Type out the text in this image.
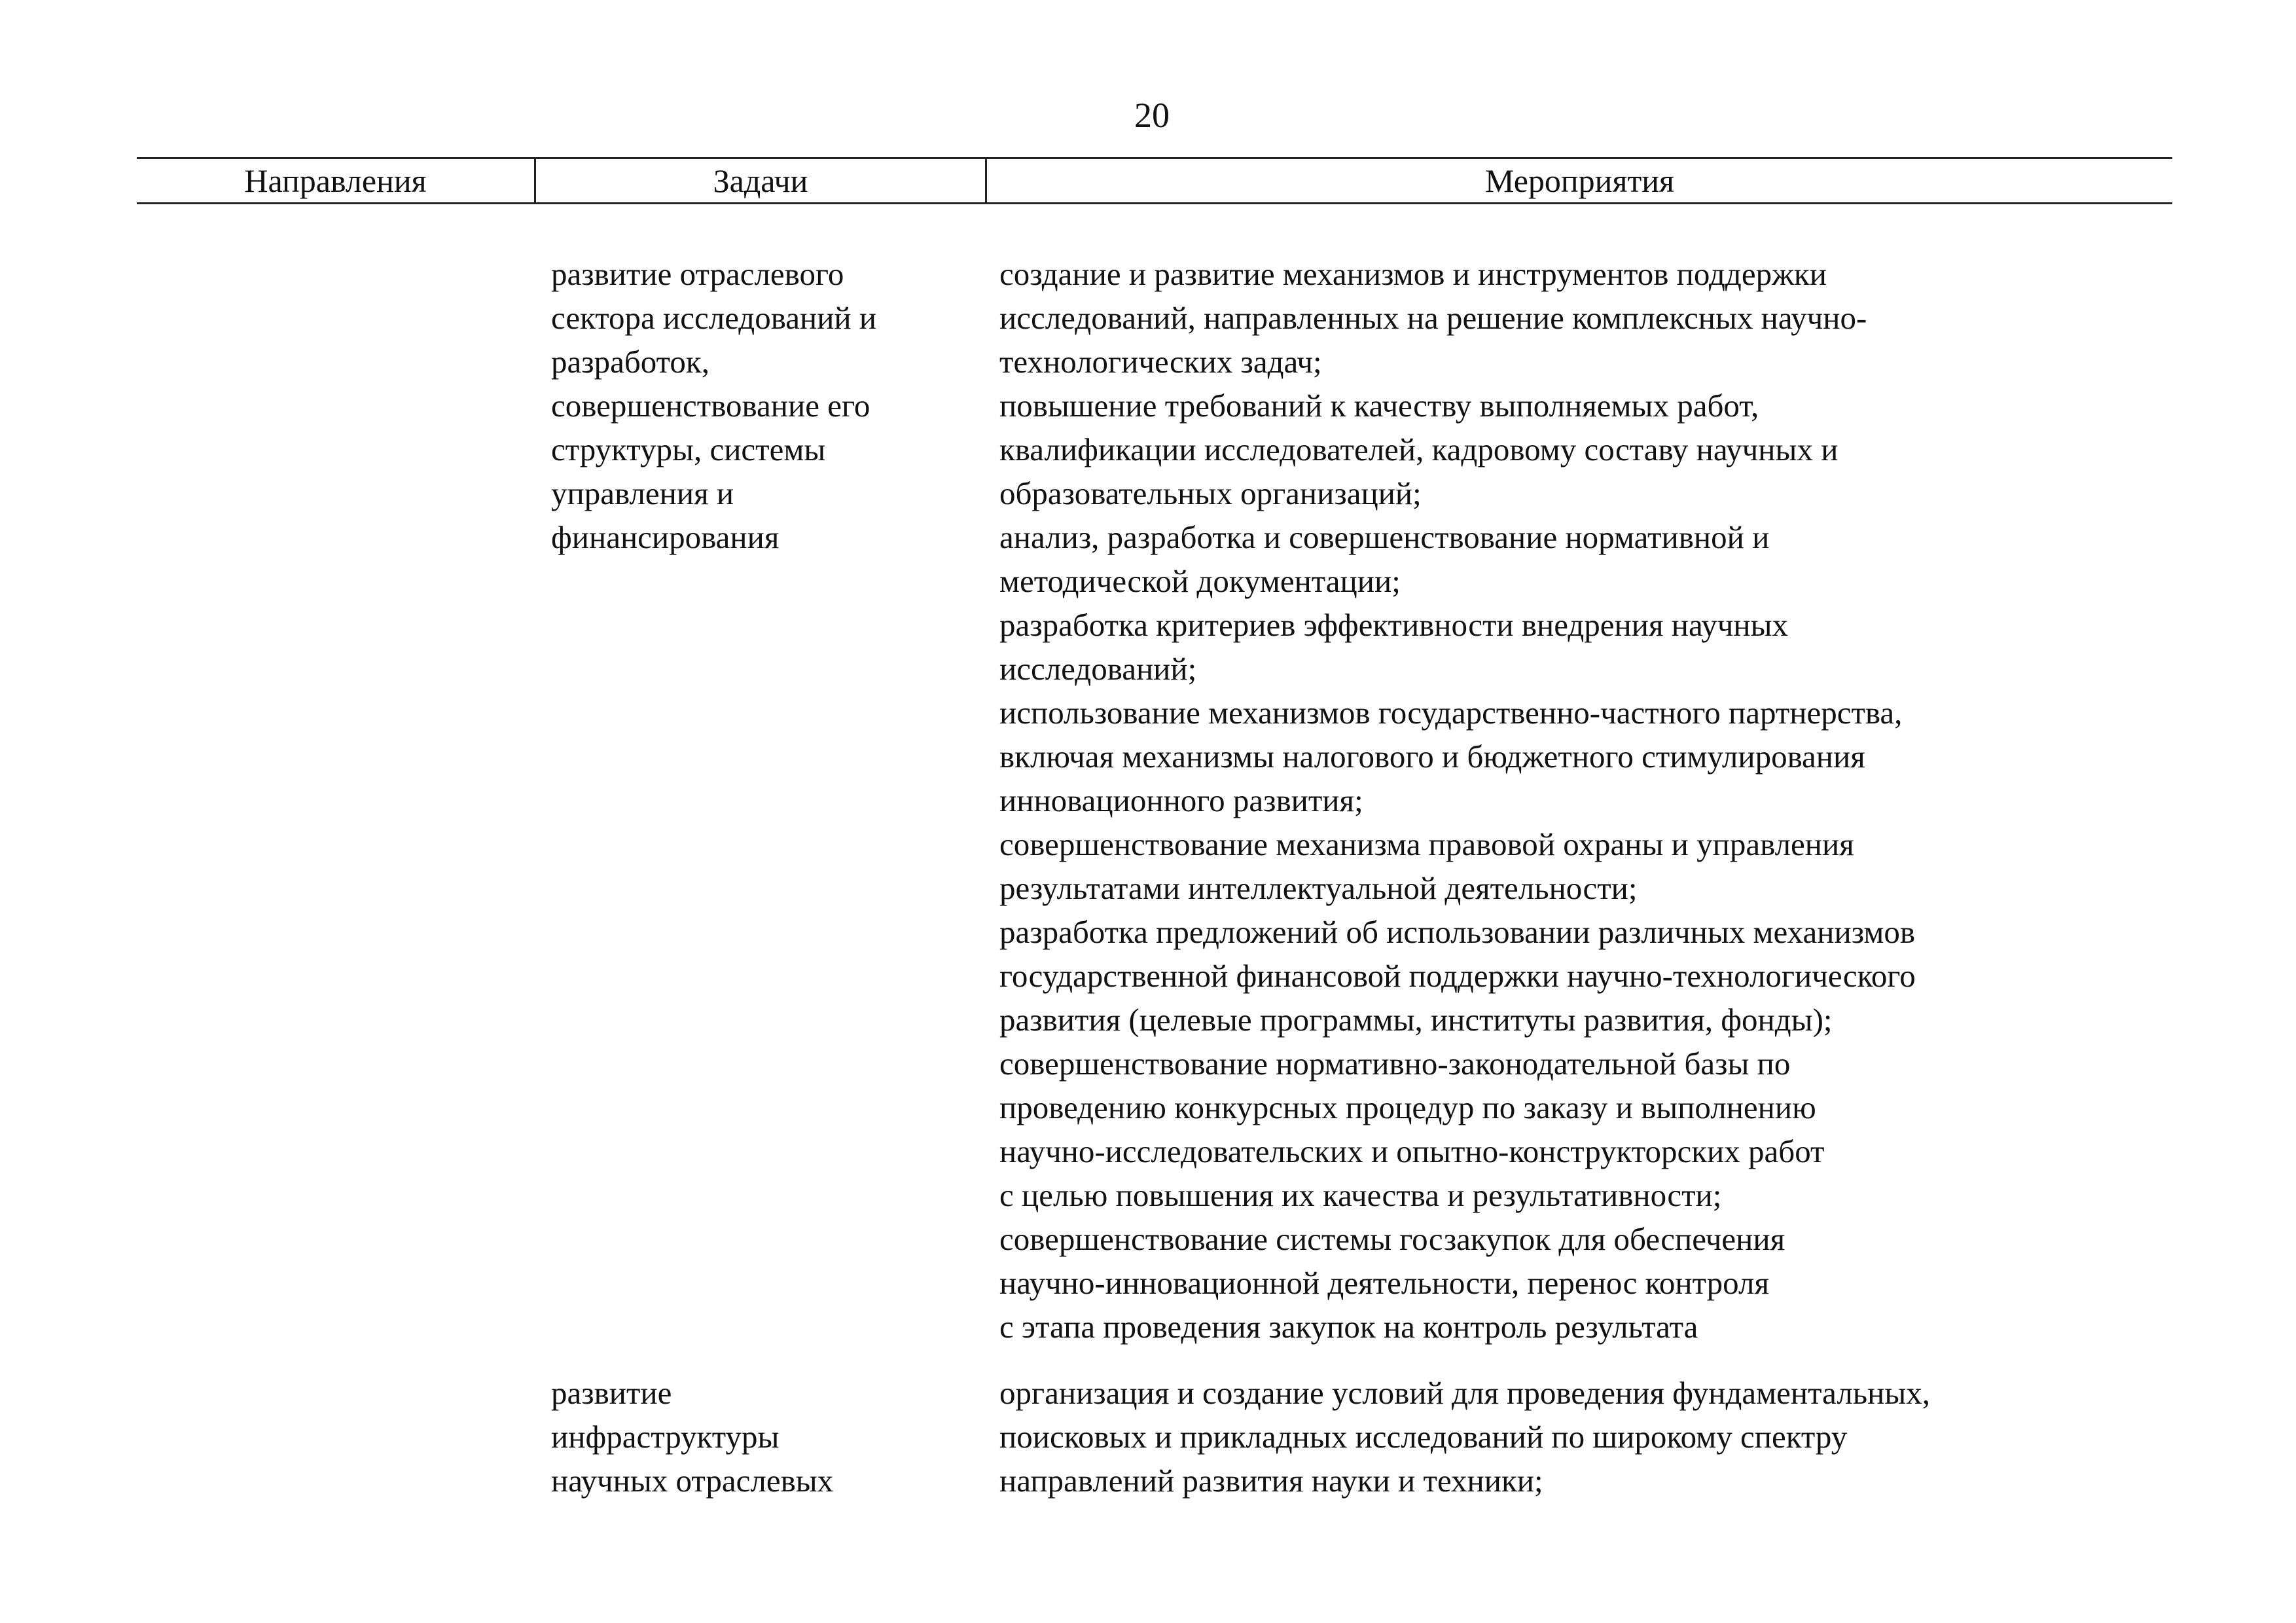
20
Направления	Задачи	Мероприятия
развитие отраслевого
сектора исследований и
разработок,
совершенствование его
структуры, системы
управления и
финансирования
создание и развитие механизмов и инструментов поддержки
исследований, направленных на решение комплексных научно-
технологических задач;
повышение требований к качеству выполняемых работ,
квалификации исследователей, кадровому составу научных и
образовательных организаций;
анализ, разработка и совершенствование нормативной и
методической документации;
разработка критериев эффективности внедрения научных
исследований;
использование механизмов государственно-частного партнерства,
включая механизмы налогового и бюджетного стимулирования
инновационного развития;
совершенствование механизма правовой охраны и управления
результатами интеллектуальной деятельности;
разработка предложений об использовании различных механизмов
государственной финансовой поддержки научно-технологического
развития (целевые программы, институты развития, фонды);
совершенствование нормативно-законодательной базы по
проведению конкурсных процедур по заказу и выполнению
научно-исследовательских и опытно-конструкторских работ
с целью повышения их качества и результативности;
совершенствование системы госзакупок для обеспечения
научно-инновационной деятельности, перенос контроля
с этапа проведения закупок на контроль результата
развитие
инфраструктуры
научных отраслевых
организация и создание условий для проведения фундаментальных,
поисковых и прикладных исследований по широкому спектру
направлений развития науки и техники;
